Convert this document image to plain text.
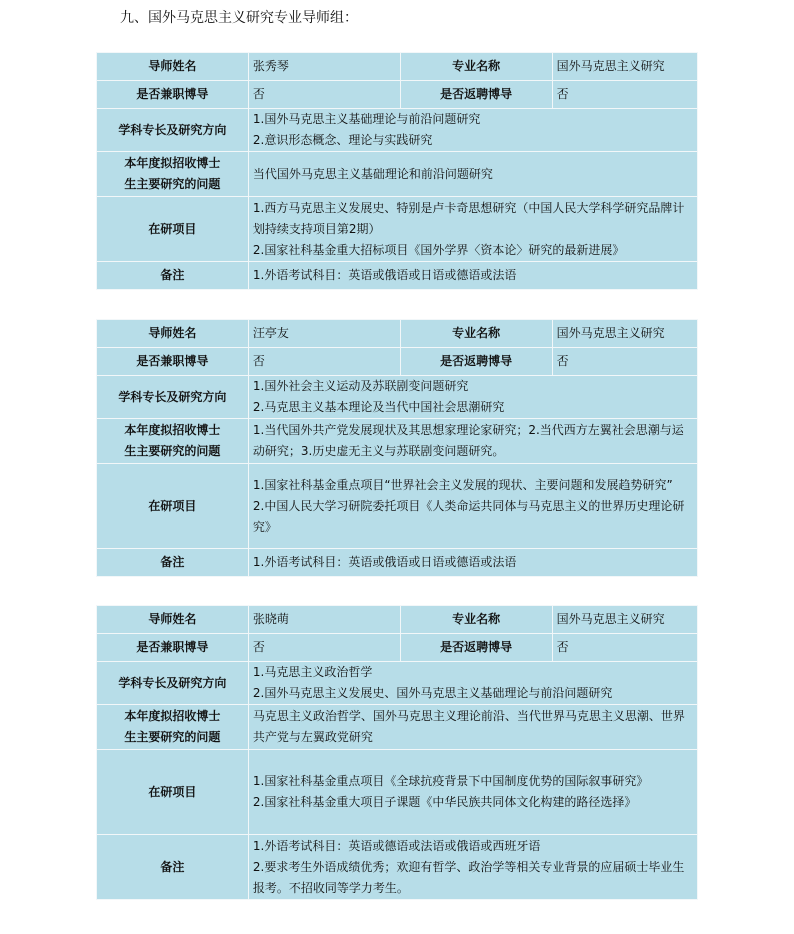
九、国外马克思主义研究专业导师组：
导师姓名	张秀琴	专业名称	国外马克思主义研究
是否兼职博导	否	是否返聘博导	否
学科专长及研究方向	1.国外马克思主义基础理论与前沿问题研究
2.意识形态概念、理论与实践研究		

本年度拟招收博士
生主要研究的问题	当代国外马克思主义基础理论和前沿问题研究		
在研项目	1.西方马克思主义发展史、特别是卢卡奇思想研究（中国人民大学科学研究品牌计划持续支持项目第2期）
2.国家社科基金重大招标项目《国外学界〈资本论〉研究的最新进展》		

备注	1.外语考试科目：英语或俄语或日语或德语或法语		
导师姓名	汪亭友	专业名称	国外马克思主义研究
是否兼职博导	否	是否返聘博导	否
学科专长及研究方向	1.国外社会主义运动及苏联剧变问题研究
2.马克思主义基本理论及当代中国社会思潮研究		

本年度拟招收博士
生主要研究的问题	1.当代国外共产党发展现状及其思想家理论家研究；2.当代西方左翼社会思潮与运动研究；3.历史虚无主义与苏联剧变问题研究。		
在研项目	1.国家社科基金重点项目“世界社会主义发展的现状、主要问题和发展趋势研究”
2.中国人民大学习研院委托项目《人类命运共同体与马克思主义的世界历史理论研究》		

备注	1.外语考试科目：英语或俄语或日语或德语或法语		
导师姓名	张晓萌	专业名称	国外马克思主义研究
是否兼职博导	否	是否返聘博导	否
学科专长及研究方向	1.马克思主义政治哲学
2.国外马克思主义发展史、国外马克思主义基础理论与前沿问题研究		

本年度拟招收博士
生主要研究的问题	马克思主义政治哲学、国外马克思主义理论前沿、当代世界马克思主义思潮、世界共产党与左翼政党研究		
在研项目	1.国家社科基金重点项目《全球抗疫背景下中国制度优势的国际叙事研究》
2.国家社科基金重大项目子课题《中华民族共同体文化构建的路径选择》		

备注	1.外语考试科目：英语或德语或法语或俄语或西班牙语
2.要求考生外语成绩优秀；欢迎有哲学、政治学等相关专业背景的应届硕士毕业生报考。不招收同等学力考生。		
